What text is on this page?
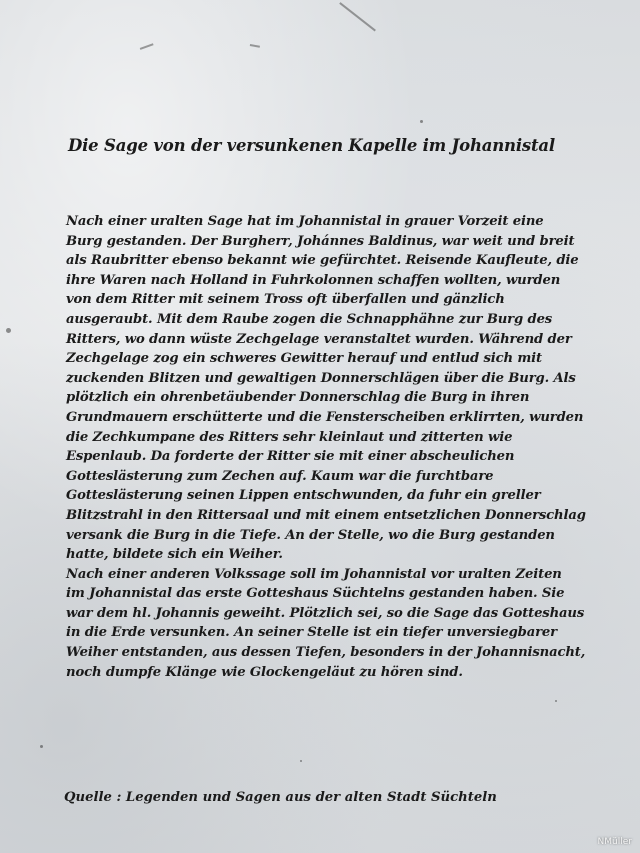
Die Sage von der versunkenen Kapelle im Johannistal
Nach einer uralten Sage hat im Johannistal in grauer Vorzeit eine
Burg gestanden. Der Burgherr, Johánnes Baldinus, war weit und breit
als Raubritter ebenso bekannt wie gefürchtet. Reisende Kaufleute, die
ihre Waren nach Holland in Fuhrkolonnen schaffen wollten, wurden
von dem Ritter mit seinem Tross oft überfallen und gänzlich
ausgeraubt. Mit dem Raube zogen die Schnapphähne zur Burg des
Ritters, wo dann wüste Zechgelage veranstaltet wurden. Während der
Zechgelage zog ein schweres Gewitter herauf und entlud sich mit
zuckenden Blitzen und gewaltigen Donnerschlägen über die Burg. Als
plötzlich ein ohrenbetäubender Donnerschlag die Burg in ihren
Grundmauern erschütterte und die Fensterscheiben erklirrten, wurden
die Zechkumpane des Ritters sehr kleinlaut und zitterten wie
Espenlaub. Da forderte der Ritter sie mit einer abscheulichen
Gotteslästerung zum Zechen auf. Kaum war die furchtbare
Gotteslästerung seinen Lippen entschwunden, da fuhr ein greller
Blitzstrahl in den Rittersaal und mit einem entsetzlichen Donnerschlag
versank die Burg in die Tiefe. An der Stelle, wo die Burg gestanden
hatte, bildete sich ein Weiher.
Nach einer anderen Volkssage soll im Johannistal vor uralten Zeiten
im Johannistal das erste Gotteshaus Süchtelns gestanden haben. Sie
war dem hl. Johannis geweiht. Plötzlich sei, so die Sage das Gotteshaus
in die Erde versunken. An seiner Stelle ist ein tiefer unversiegbarer
Weiher entstanden, aus dessen Tiefen, besonders in der Johannisnacht,
noch dumpfe Klänge wie Glockengeläut zu hören sind.
Quelle : Legenden und Sagen aus der alten Stadt Süchteln
NMüller
